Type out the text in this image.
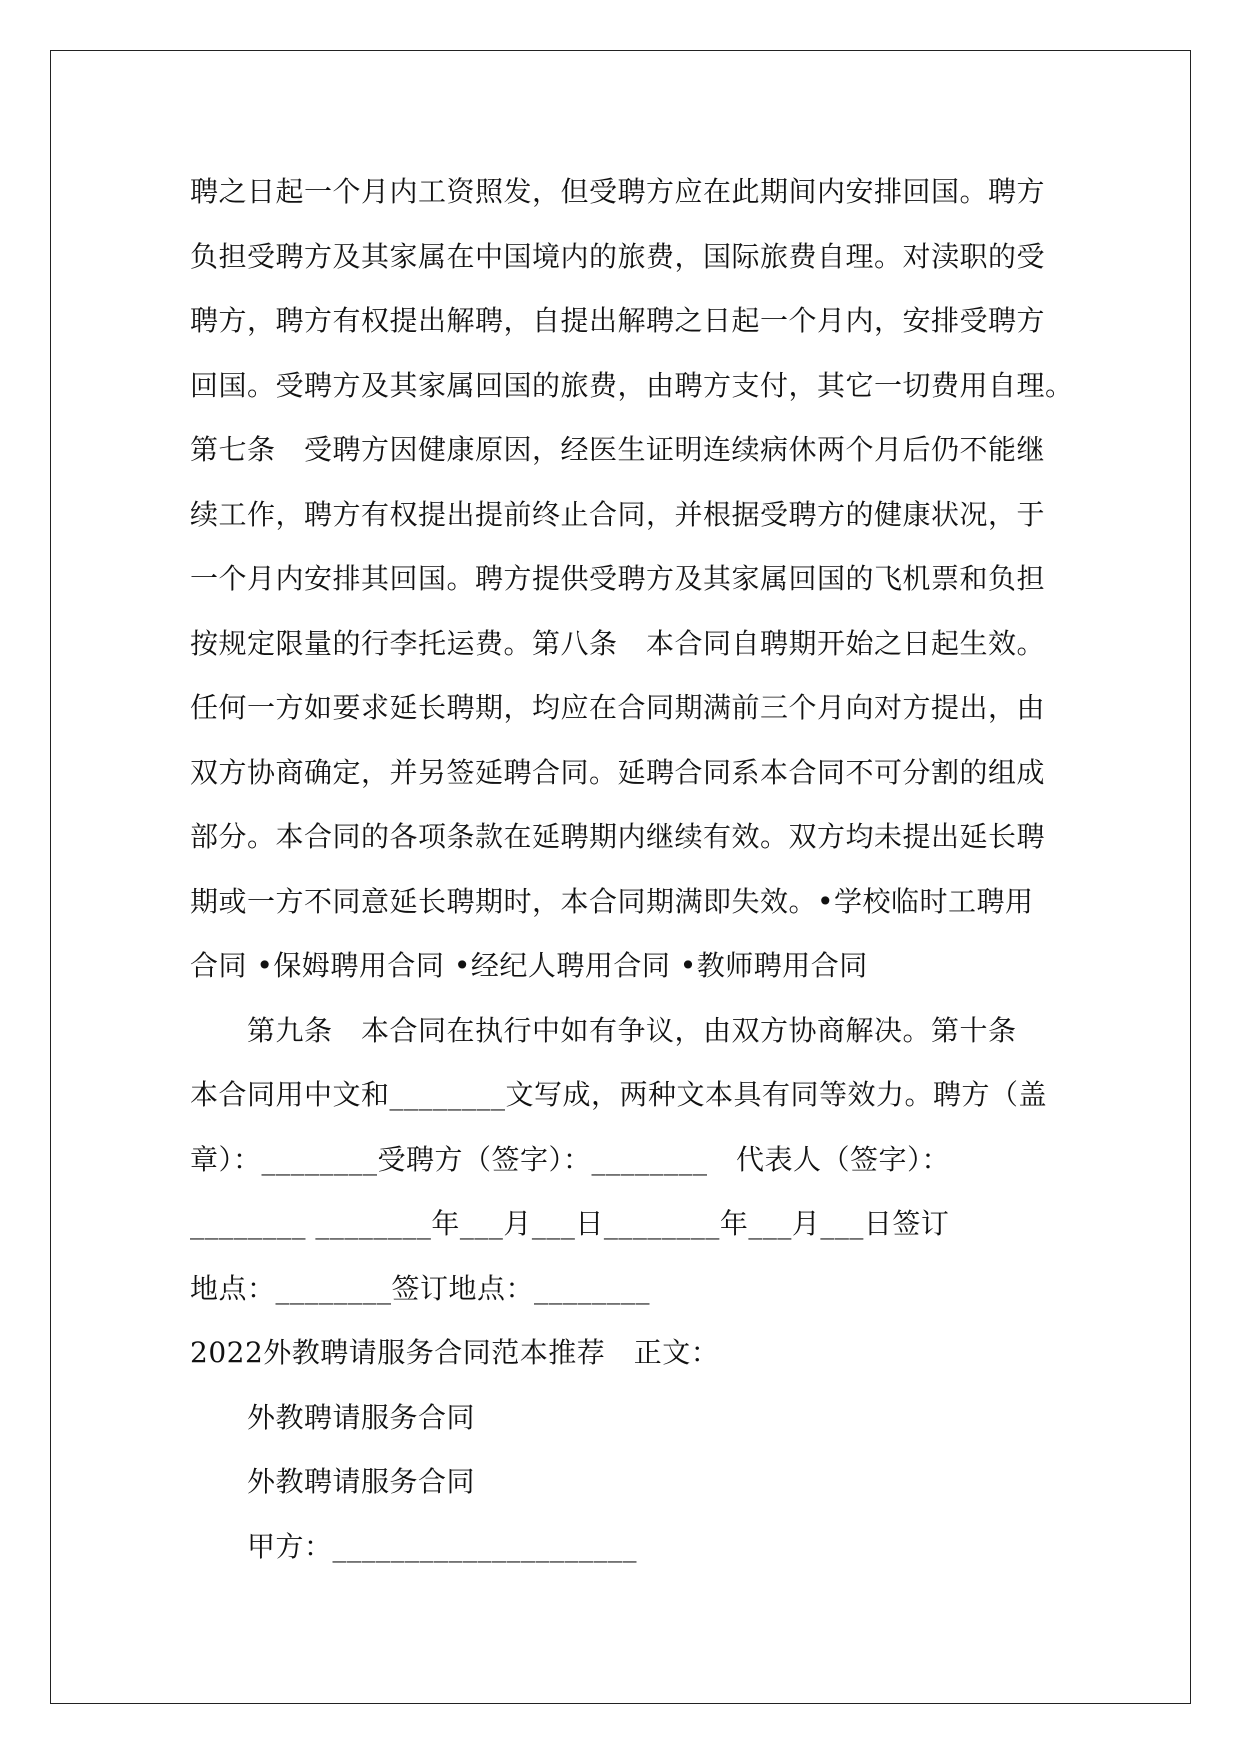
聘之日起一个月内工资照发，但受聘方应在此期间内安排回国。聘方
负担受聘方及其家属在中国境内的旅费，国际旅费自理。对渎职的受
聘方，聘方有权提出解聘，自提出解聘之日起一个月内，安排受聘方
回国。受聘方及其家属回国的旅费，由聘方支付，其它一切费用自理。
第七条　受聘方因健康原因，经医生证明连续病休两个月后仍不能继
续工作，聘方有权提出提前终止合同，并根据受聘方的健康状况，于
一个月内安排其回国。聘方提供受聘方及其家属回国的飞机票和负担
按规定限量的行李托运费。第八条　本合同自聘期开始之日起生效。
任何一方如要求延长聘期，均应在合同期满前三个月向对方提出，由
双方协商确定，并另签延聘合同。延聘合同系本合同不可分割的组成
部分。本合同的各项条款在延聘期内继续有效。双方均未提出延长聘
期或一方不同意延长聘期时，本合同期满即失效。•学校临时工聘用
合同 •保姆聘用合同 •经纪人聘用合同 •教师聘用合同
第九条　本合同在执行中如有争议，由双方协商解决。第十条
本合同用中文和________文写成，两种文本具有同等效力。聘方（盖
章）：________受聘方（签字）：________　代表人（签字）：
________ ________年___月___日________年___月___日签订
地点：________签订地点：________
2022外教聘请服务合同范本推荐　正文：
外教聘请服务合同
外教聘请服务合同
甲方：_____________________
